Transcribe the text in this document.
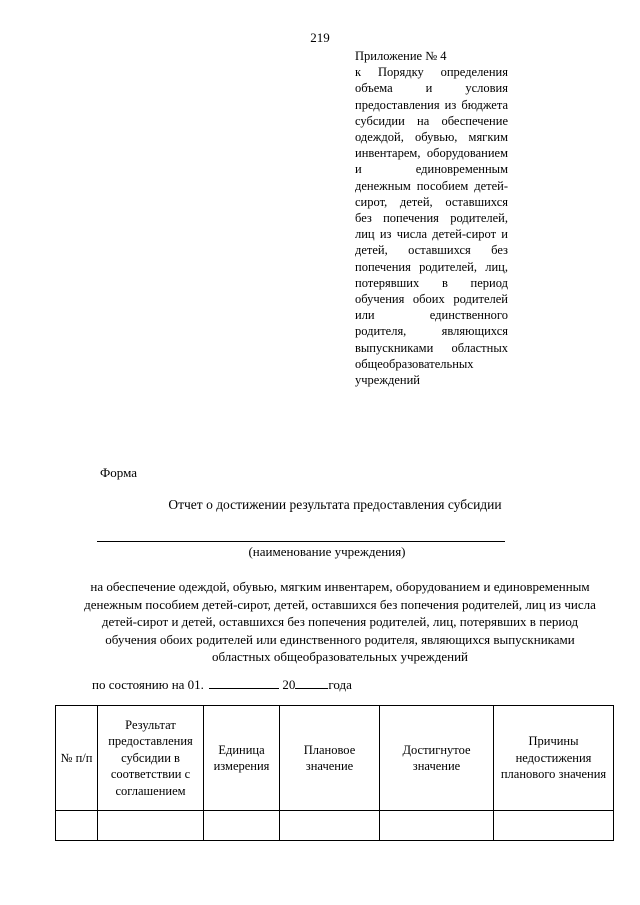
219
Приложение № 4
к Порядку определения объема и условия предоставления из бюджета субсидии на обеспечение одеждой, обувью, мягким инвентарем, оборудованием и единовременным денежным пособием детей-сирот, детей, оставшихся без попечения родителей, лиц из числа детей-сирот и детей, оставшихся без попечения родителей, лиц, потерявших в период обучения обоих родителей или единственного родителя, являющихся выпускниками областных общеобразовательных учреждений
Форма
Отчет о достижении результата предоставления субсидии
(наименование учреждения)
на обеспечение одеждой, обувью, мягким инвентарем, оборудованием и единовременным
денежным пособием детей-сирот, детей, оставшихся без попечения родителей, лиц из числа
детей-сирот и детей, оставшихся без попечения родителей, лиц, потерявших в период
обучения обоих родителей или единственного родителя, являющихся выпускниками
областных общеобразовательных учреждений
по состоянию на 01.	20	года
№ п/п	Результат предоставления субсидии в соответствии с соглашением	Единица измерения	Плановое значение	Достигнутое значение	Причины недостижения планового значения
